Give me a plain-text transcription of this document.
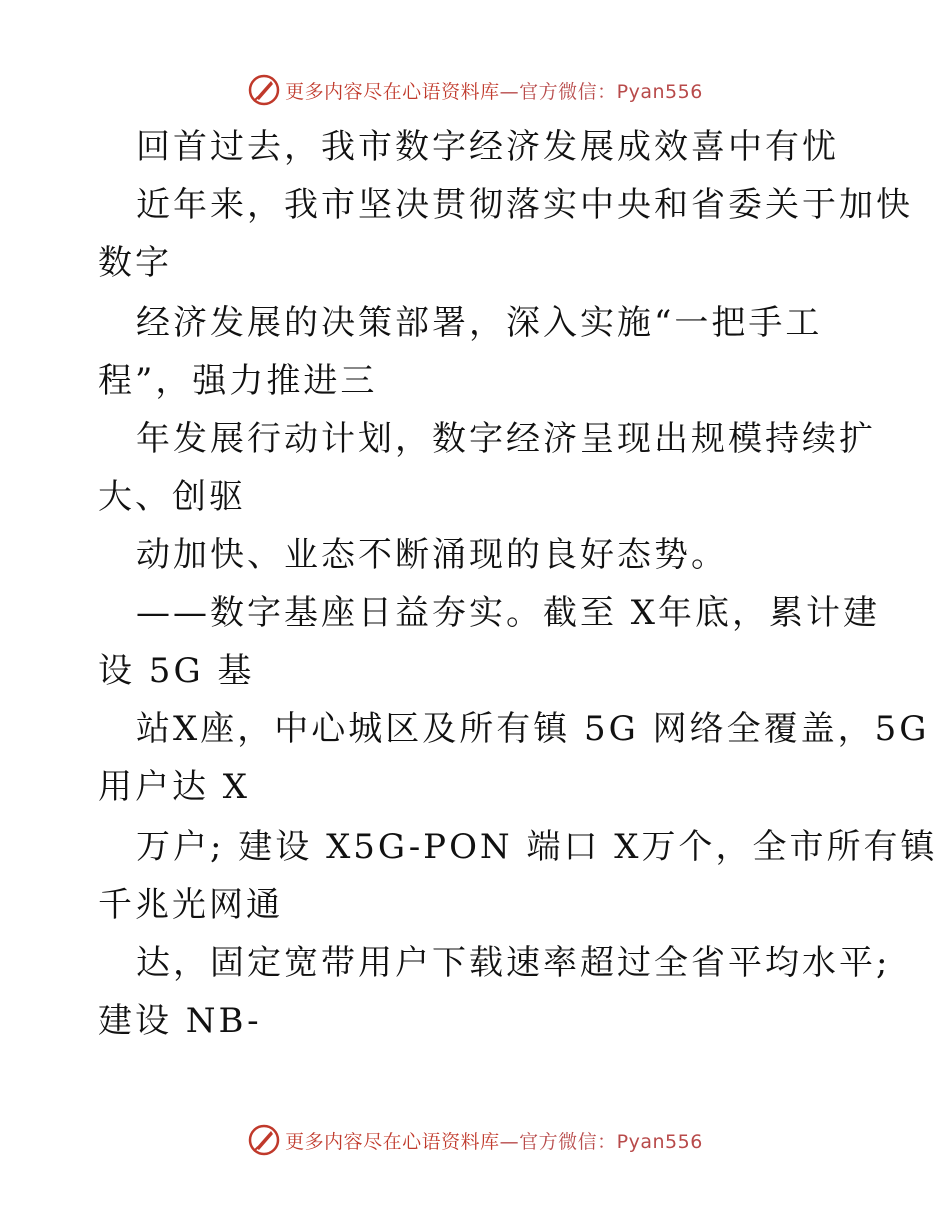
更多内容尽在心语资料库—官方微信：Pyan556
回首过去，我市数字经济发展成效喜中有忧
近年来，我市坚决贯彻落实中央和省委关于加快
数字
经济发展的决策部署，深入实施“一把手工
程”，强力推进三
年发展行动计划，数字经济呈现出规模持续扩
大、创驱
动加快、业态不断涌现的良好态势。
——数字基座日益夯实。截至 X年底，累计建
设 5G 基
站X座，中心城区及所有镇 5G 网络全覆盖，5G
用户达 X
万户; 建设 X5G-PON 端口 X万个，全市所有镇
千兆光网通
达，固定宽带用户下载速率超过全省平均水平;
建设 NB-
更多内容尽在心语资料库—官方微信：Pyan556
